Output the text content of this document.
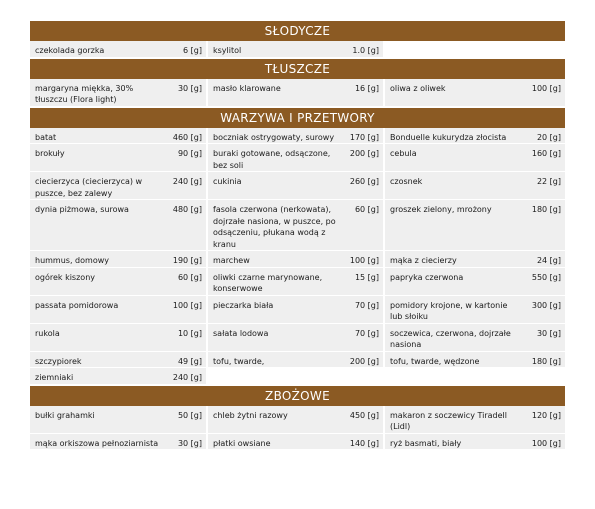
SŁODYCZE
czekolada gorzka	6 [g]	ksylitol	1.0 [g]		
TŁUSZCZE
margaryna miękka, 30% tłuszczu (Flora light)	30 [g]	masło klarowane	16 [g]	oliwa z oliwek	100 [g]
WARZYWA I PRZETWORY
batat	460 [g]	boczniak ostrygowaty, surowy	170 [g]	Bonduelle kukurydza złocista	20 [g]
brokuły	90 [g]	buraki gotowane, odsączone, bez soli	200 [g]	cebula	160 [g]
ciecierzyca (ciecierzyca) w puszce, bez zalewy	240 [g]	cukinia	260 [g]	czosnek	22 [g]
dynia piżmowa, surowa	480 [g]	fasola czerwona (nerkowata), dojrzałe nasiona, w puszce, po odsączeniu, płukana wodą z kranu	60 [g]	groszek zielony, mrożony	180 [g]
hummus, domowy	190 [g]	marchew	100 [g]	mąka z ciecierzy	24 [g]
ogórek kiszony	60 [g]	oliwki czarne marynowane, konserwowe	15 [g]	papryka czerwona	550 [g]
passata pomidorowa	100 [g]	pieczarka biała	70 [g]	pomidory krojone, w kartonie lub słoiku	300 [g]
rukola	10 [g]	sałata lodowa	70 [g]	soczewica, czerwona, dojrzałe nasiona	30 [g]
szczypiorek	49 [g]	tofu, twarde,	200 [g]	tofu, twarde, wędzone	180 [g]
ziemniaki	240 [g]				
ZBOŻOWE
bułki grahamki	50 [g]	chleb żytni razowy	450 [g]	makaron z soczewicy Tiradell (Lidl)	120 [g]
mąka orkiszowa pełnoziarnista	30 [g]	płatki owsiane	140 [g]	ryż basmati, biały	100 [g]
